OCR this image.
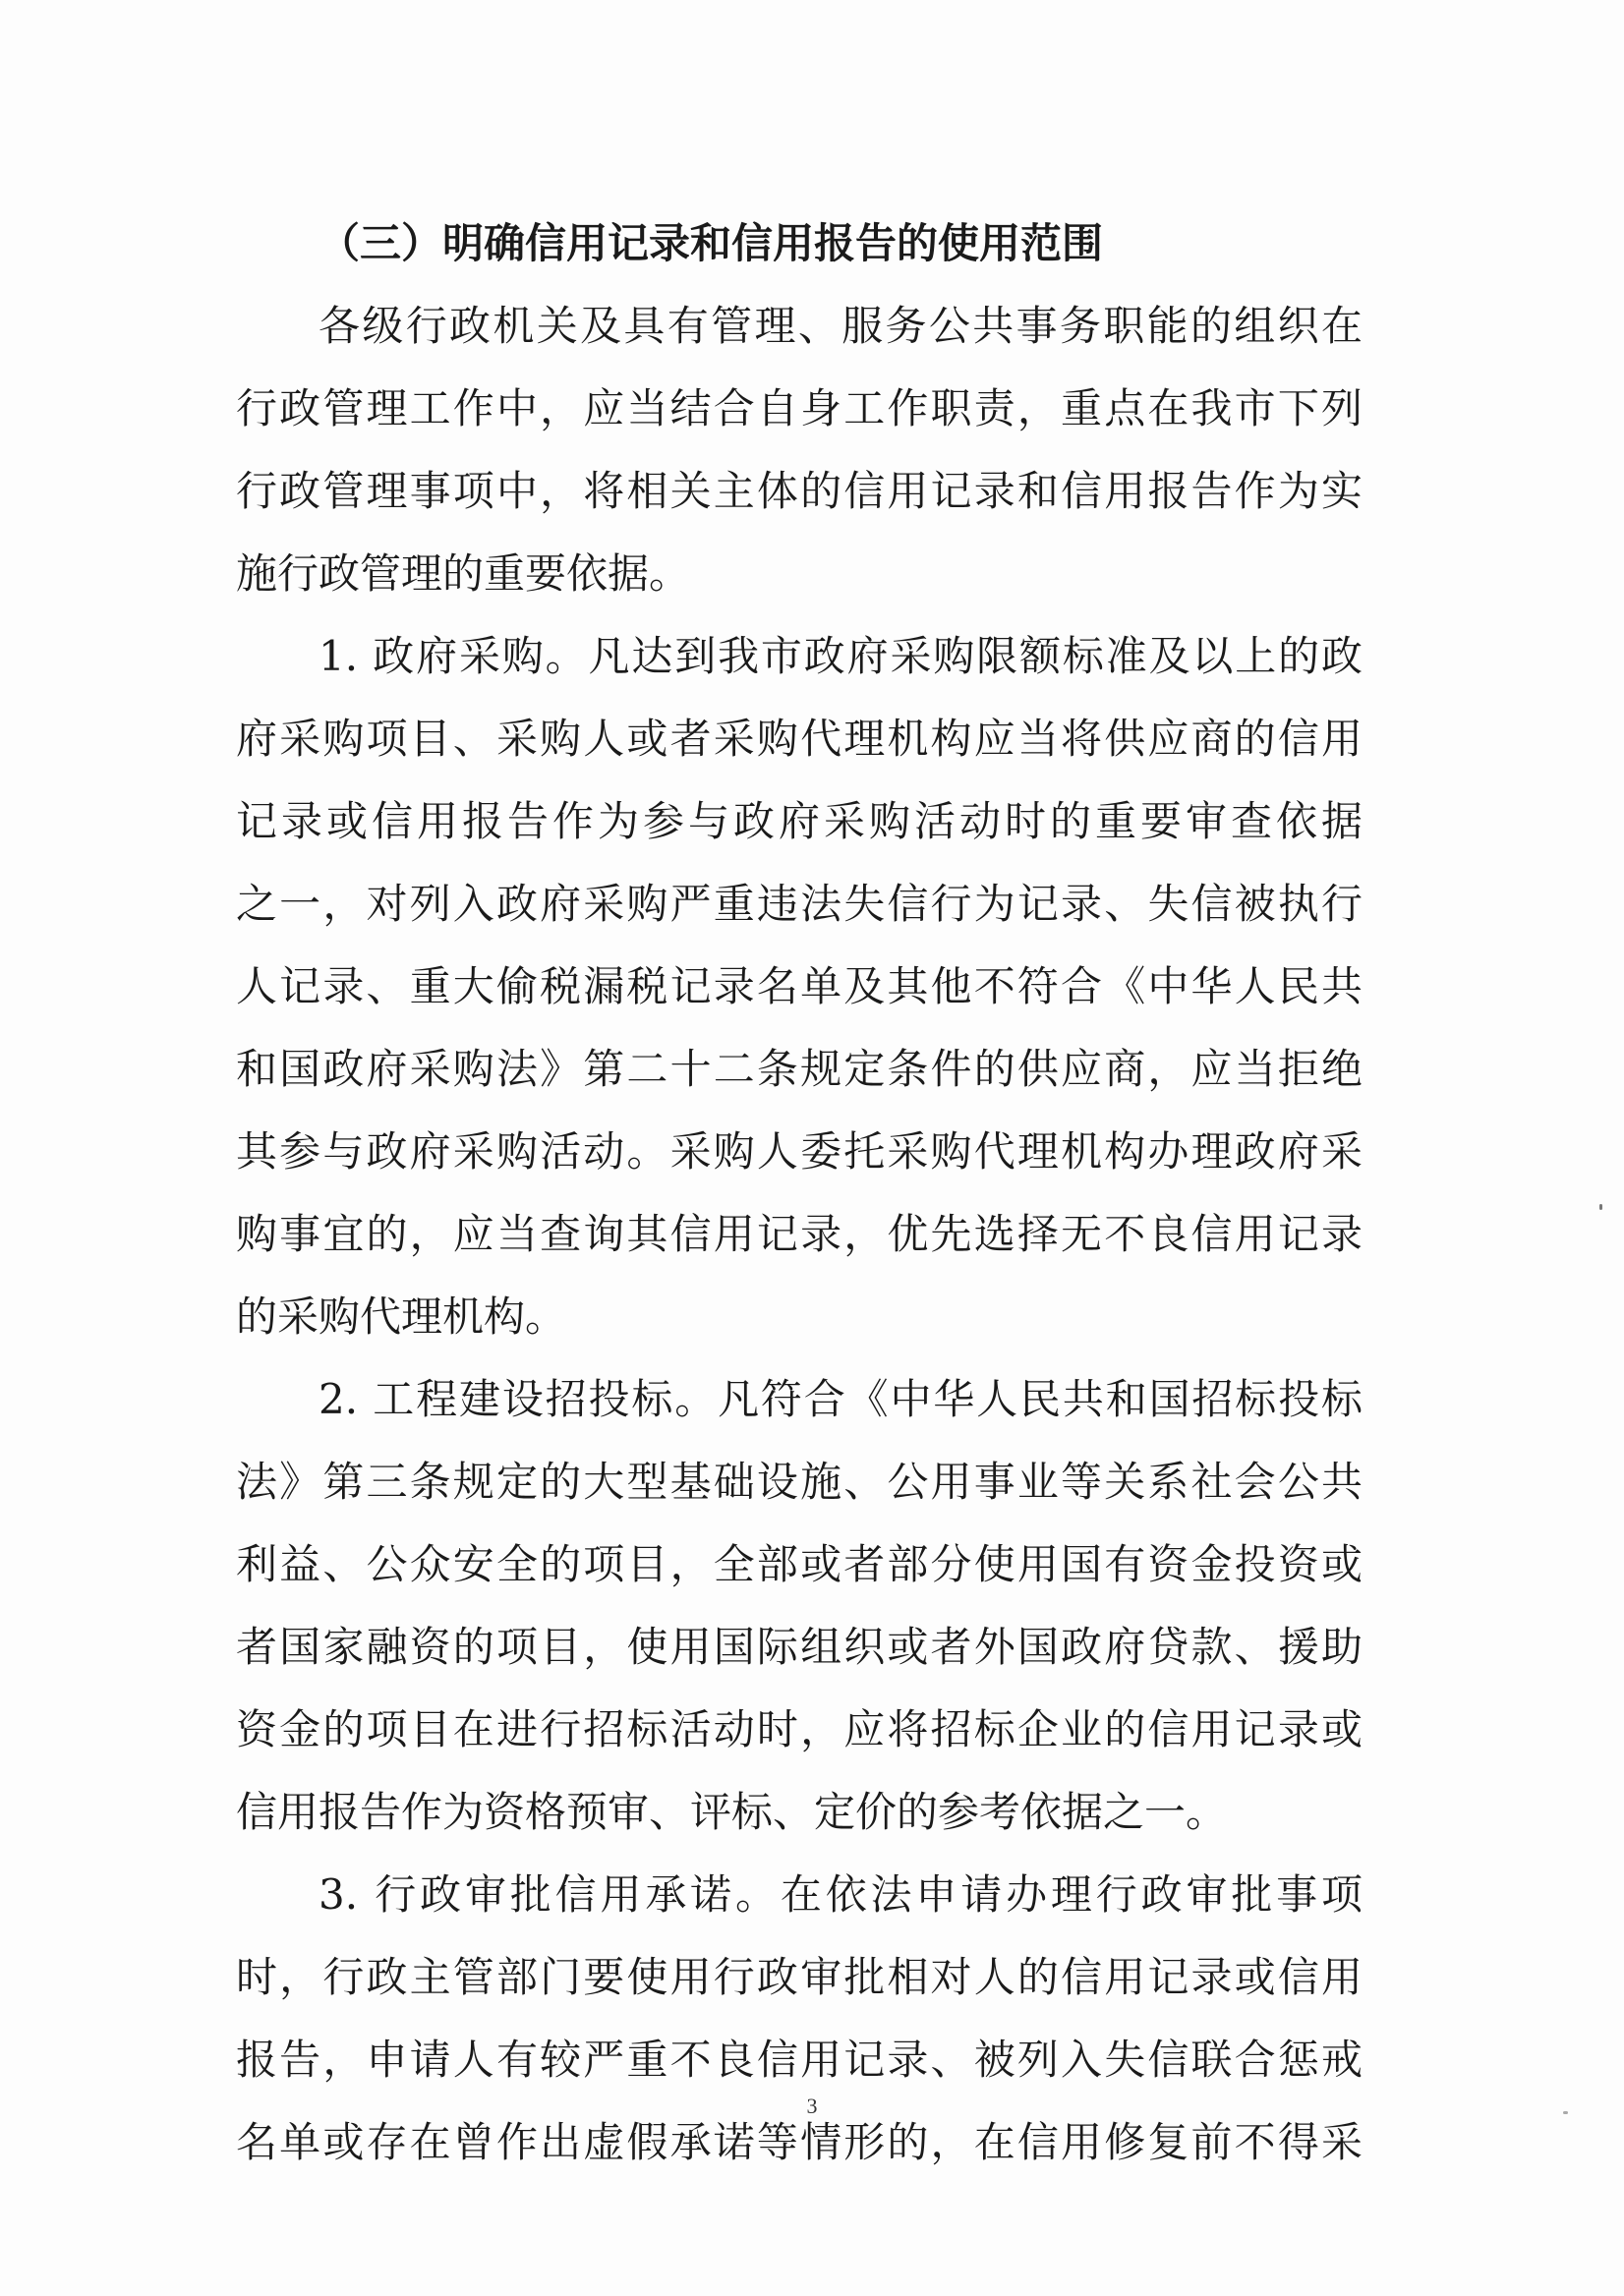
（三）明确信用记录和信用报告的使用范围
各级行政机关及具有管理、服务公共事务职能的组织在
行政管理工作中，应当结合自身工作职责，重点在我市下列
行政管理事项中，将相关主体的信用记录和信用报告作为实
施行政管理的重要依据。
1. 政府采购。凡达到我市政府采购限额标准及以上的政
府采购项目、采购人或者采购代理机构应当将供应商的信用
记录或信用报告作为参与政府采购活动时的重要审查依据
之一，对列入政府采购严重违法失信行为记录、失信被执行
人记录、重大偷税漏税记录名单及其他不符合《中华人民共
和国政府采购法》第二十二条规定条件的供应商，应当拒绝
其参与政府采购活动。采购人委托采购代理机构办理政府采
购事宜的，应当查询其信用记录，优先选择无不良信用记录
的采购代理机构。
2. 工程建设招投标。凡符合《中华人民共和国招标投标
法》第三条规定的大型基础设施、公用事业等关系社会公共
利益、公众安全的项目，全部或者部分使用国有资金投资或
者国家融资的项目，使用国际组织或者外国政府贷款、援助
资金的项目在进行招标活动时，应将招标企业的信用记录或
信用报告作为资格预审、评标、定价的参考依据之一。
3. 行政审批信用承诺。在依法申请办理行政审批事项
时，行政主管部门要使用行政审批相对人的信用记录或信用
报告，申请人有较严重不良信用记录、被列入失信联合惩戒
名单或存在曾作出虚假承诺等情形的，在信用修复前不得采
3
